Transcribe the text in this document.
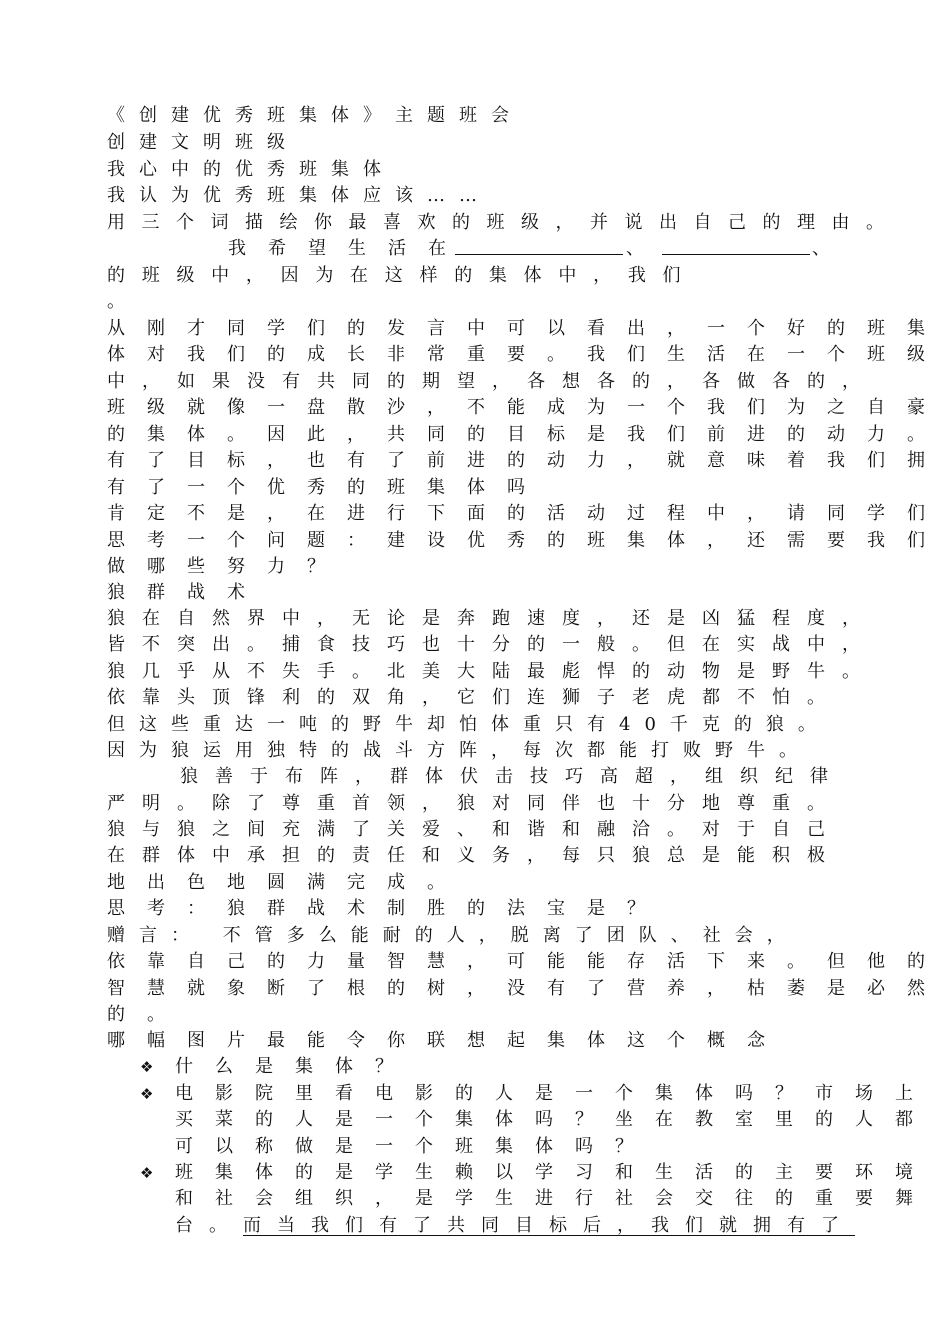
《创建优秀班集体》主题班会
创建文明班级
我心中的优秀班集体
我认为优秀班集体应该……
用三个词描绘你最喜欢的班级，并说出自己的理由。
我希望生活在	、	、
的 班 级 中 ， 因 为 在 这 样 的 集 体 中 ， 我 们
。
从刚才同学们的发言中可以看出，一个好的班集
体对我们的成长非常重要。我们生活在一个班级
中，如果没有共同的期望，各想各的，各做各的，
班级就像一盘散沙，不能成为一个我们为之自豪
的集体。因此，共同的目标是我们前进的动力。
有了目标，也有了前进的动力，就意味着我们拥
有了一个优秀的班集体吗
肯定不是，在进行下面的活动过程中，请同学们
思考一个问题：建设优秀的班集体，还需要我们
做哪些努力？
狼群战术
狼在自然界中，无论是奔跑速度，还是凶猛程度，
皆不突出。捕食技巧也十分的一般。但在实战中，
狼几乎从不失手。北美大陆最彪悍的动物是野牛。
依靠头顶锋利的双角，它们连狮子老虎都不怕。
但这些重达一吨的野牛却怕体重只有40千克的狼。
因为狼运用独特的战斗方阵，每次都能打败野牛。
狼善于布阵，群体伏击技巧高超，组织纪律
严明。除了尊重首领，狼对同伴也十分地尊重。
狼与狼之间充满了关爱、和谐和融洽。对于自己
在群体中承担的责任和义务，每只狼总是能积极
地出色地圆满完成。
思考：狼群战术制胜的法宝是？
赠言： 不管多么能耐的人，脱离了团队、社会，
依靠自己的力量智慧，可能能存活下来。但他的
智慧就象断了根的树，没有了营养，枯萎是必然
的。
哪幅图片最能令你联想起集体这个概念
❖	什么是集体？
❖	电影院里看电影的人是一个集体吗？市场上
买菜的人是一个集体吗？坐在教室里的人都
可以称做是一个班集体吗？
❖	班集体的是学生赖以学习和生活的主要环境
和社会组织，是学生进行社会交往的重要舞
台。而当我们有了共同目标后，我们就拥有了
